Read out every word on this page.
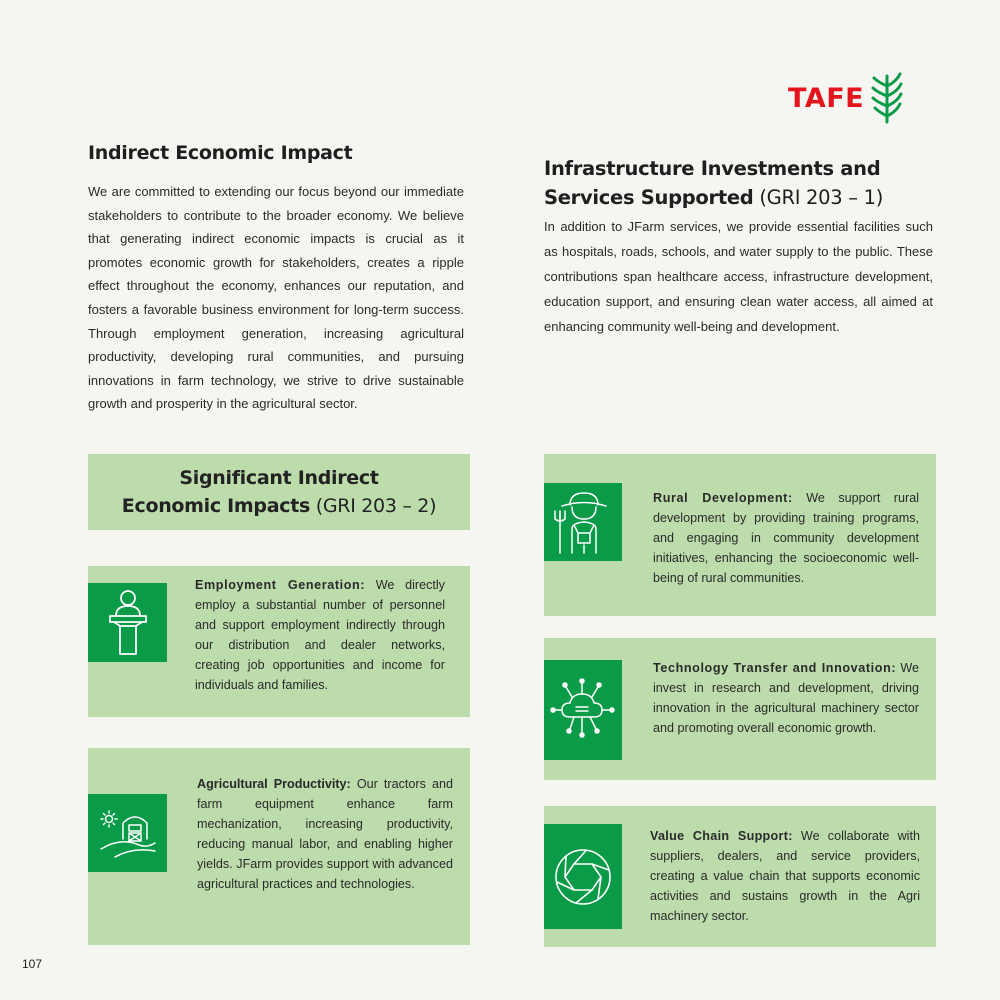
TAFE
Indirect Economic Impact
We are committed to extending our focus beyond our immediate stakeholders to contribute to the broader economy. We believe that generating indirect economic impacts is crucial as it promotes economic growth for stakeholders, creates a ripple effect throughout the economy, enhances our reputation, and fosters a favorable business environment for long-term success. Through employment generation, increasing agricultural productivity, developing rural communities, and pursuing innovations in farm technology, we strive to drive sustainable growth and prosperity in the agricultural sector.
Infrastructure Investments and
Services Supported (GRI 203 – 1)
In addition to JFarm services, we provide essential facilities such as hospitals, roads, schools, and water supply to the public. These contributions span healthcare access, infrastructure development, education support, and ensuring clean water access, all aimed at enhancing community well-being and development.
Significant Indirect
Economic Impacts (GRI 203 – 2)
Employment Generation: We directly employ a substantial number of personnel and support employment indirectly through our distribution and dealer networks, creating job opportunities and income for individuals and families.
Agricultural Productivity: Our tractors and farm equipment enhance farm mechanization, increasing productivity, reducing manual labor, and enabling higher yields. JFarm provides support with advanced agricultural practices and technologies.
Rural Development: We support rural development by providing training programs, and engaging in community development initiatives, enhancing the socioeconomic well-being of rural communities.
Technology Transfer and Innovation: We invest in research and development, driving innovation in the agricultural machinery sector and promoting overall economic growth.
Value Chain Support: We collaborate with suppliers, dealers, and service providers, creating a value chain that supports economic activities and sustains growth in the Agri machinery sector.
107
